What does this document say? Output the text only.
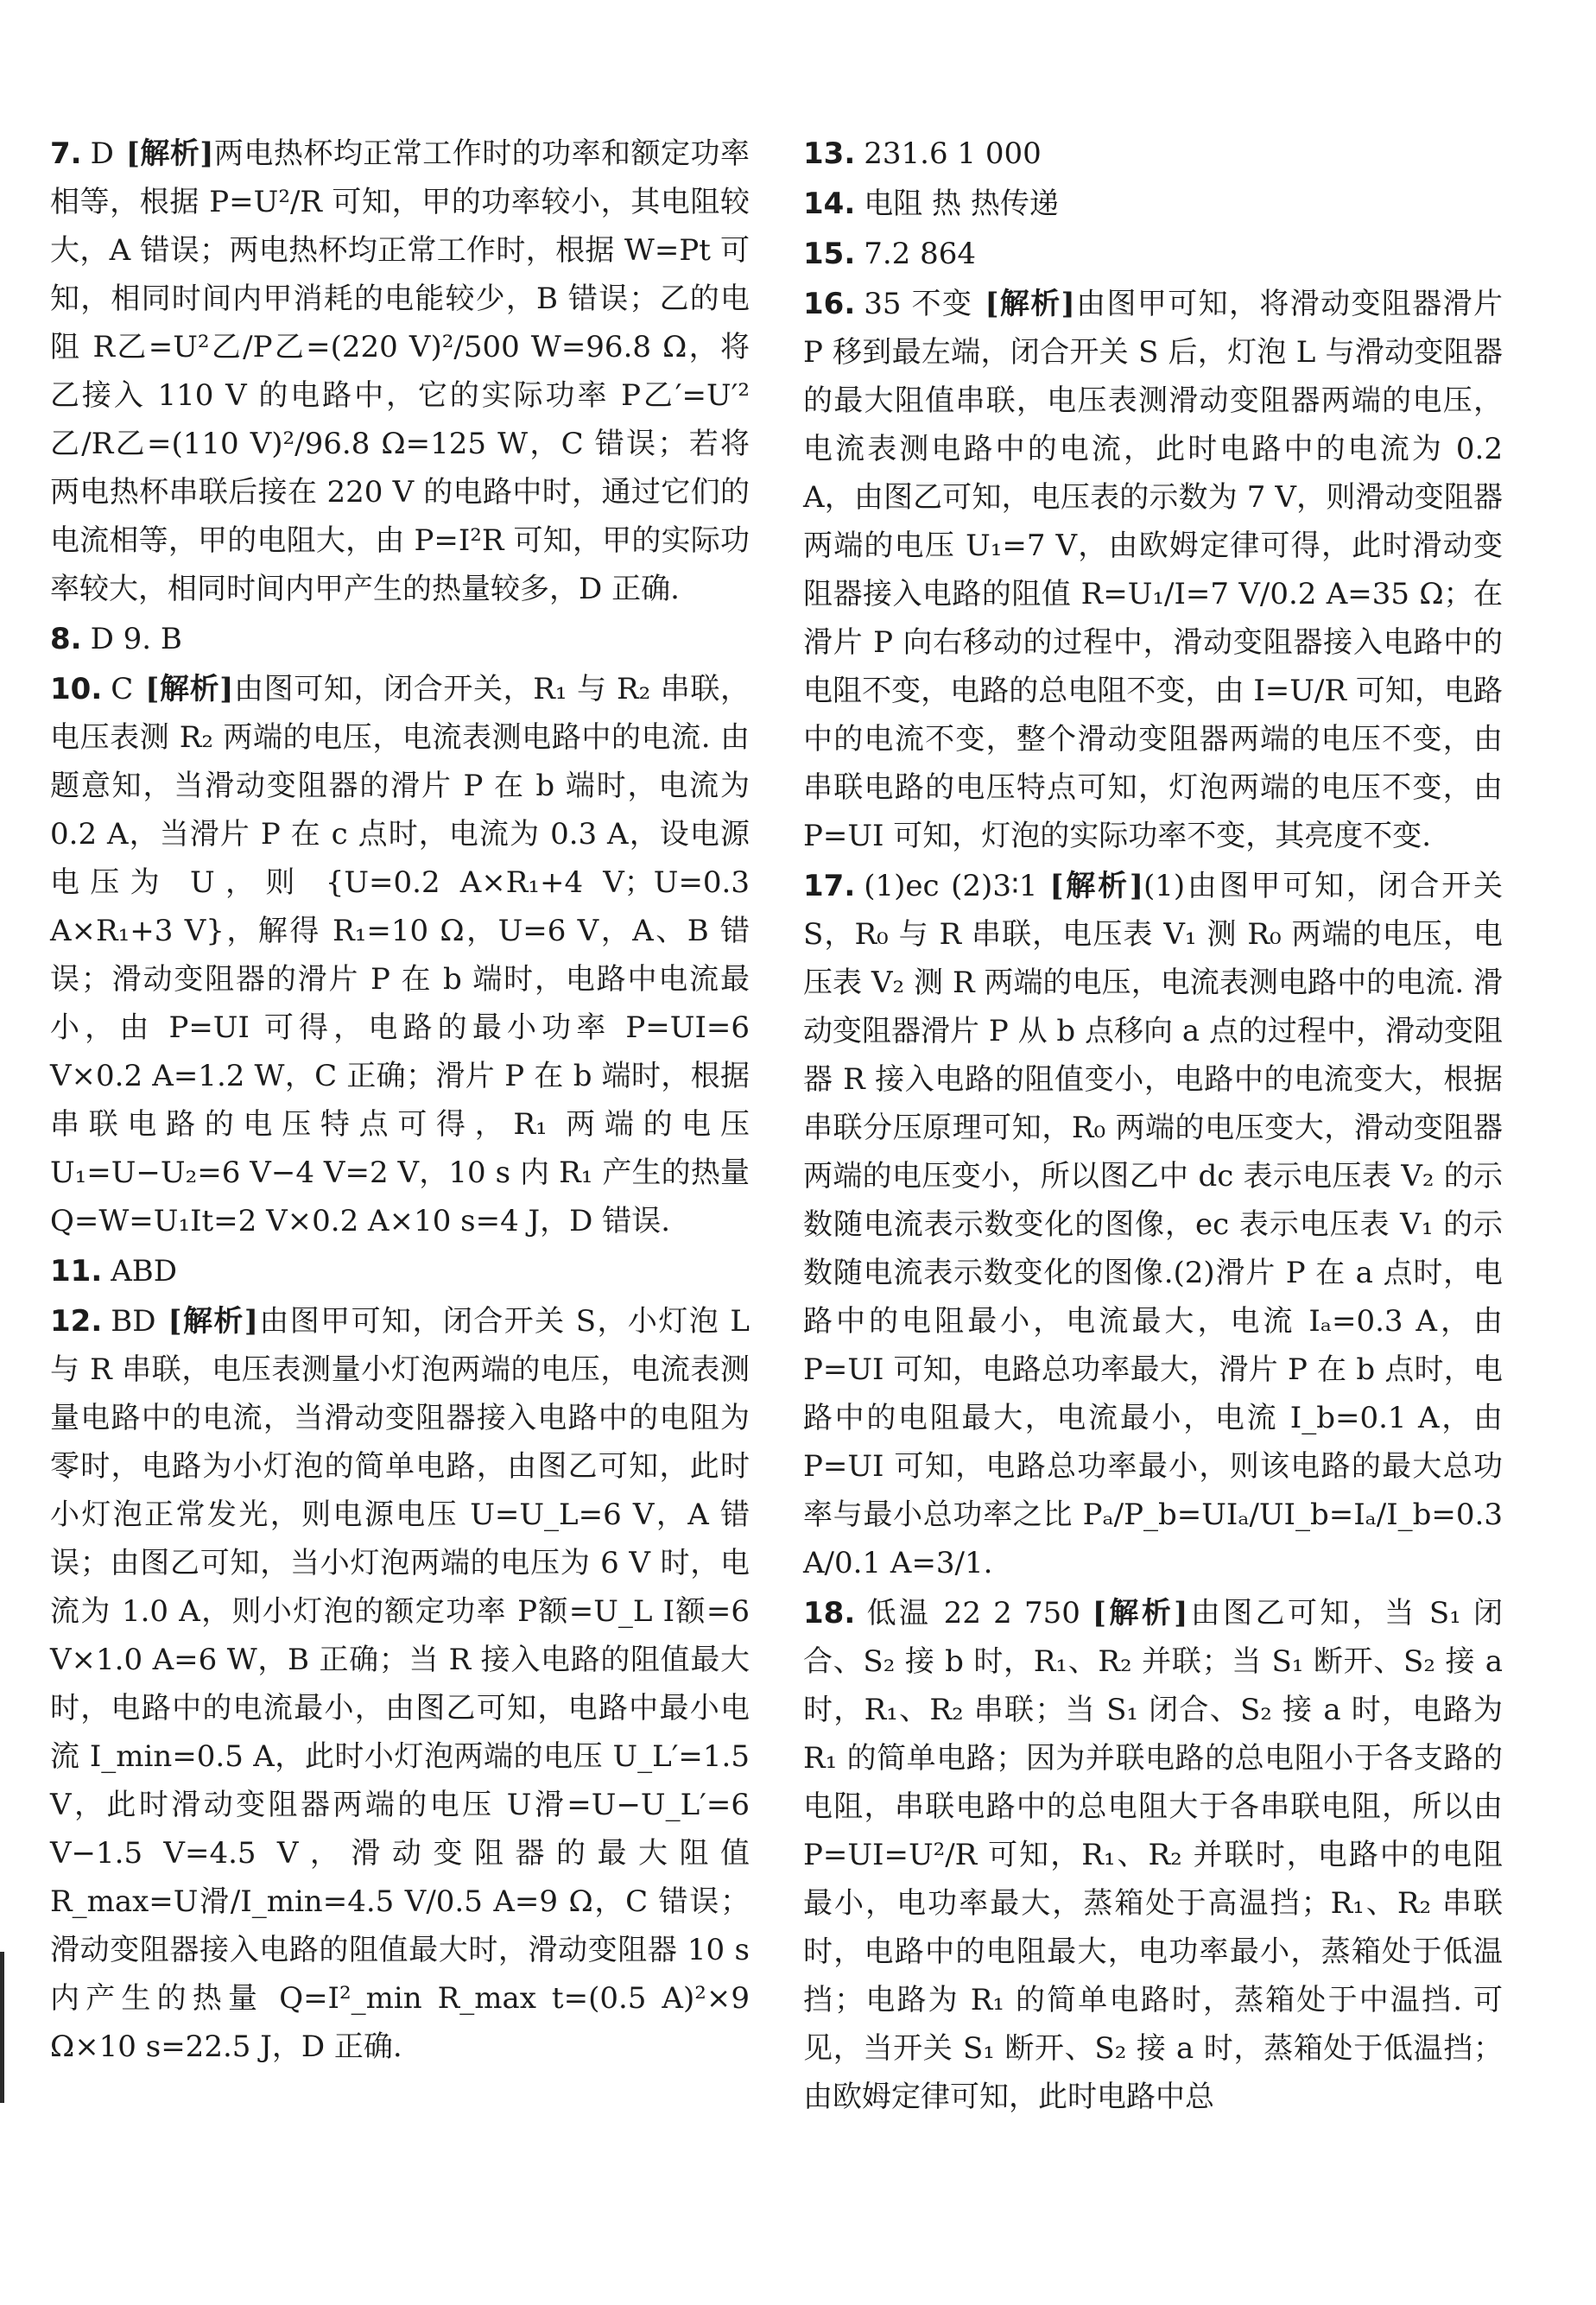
7. D [解析]两电热杯均正常工作时的功率和额定功率相等，根据 P=U²/R 可知，甲的功率较小，其电阻较大，A 错误；两电热杯均正常工作时，根据 W=Pt 可知，相同时间内甲消耗的电能较少，B 错误；乙的电阻 R乙=U²乙/P乙=(220 V)²/500 W=96.8 Ω，将乙接入 110 V 的电路中，它的实际功率 P乙′=U′²乙/R乙=(110 V)²/96.8 Ω=125 W，C 错误；若将两电热杯串联后接在 220 V 的电路中时，通过它们的电流相等，甲的电阻大，由 P=I²R 可知，甲的实际功率较大，相同时间内甲产生的热量较多，D 正确.
8. D 9. B
10. C [解析]由图可知，闭合开关，R₁ 与 R₂ 串联，电压表测 R₂ 两端的电压，电流表测电路中的电流. 由题意知，当滑动变阻器的滑片 P 在 b 端时，电流为 0.2 A，当滑片 P 在 c 点时，电流为 0.3 A，设电源电压为 U，则 {U=0.2 A×R₁+4 V；U=0.3 A×R₁+3 V}，解得 R₁=10 Ω，U=6 V，A、B 错误；滑动变阻器的滑片 P 在 b 端时，电路中电流最小，由 P=UI 可得，电路的最小功率 P=UI=6 V×0.2 A=1.2 W，C 正确；滑片 P 在 b 端时，根据串联电路的电压特点可得，R₁ 两端的电压 U₁=U−U₂=6 V−4 V=2 V，10 s 内 R₁ 产生的热量 Q=W=U₁It=2 V×0.2 A×10 s=4 J，D 错误.
11. ABD
12. BD [解析]由图甲可知，闭合开关 S，小灯泡 L 与 R 串联，电压表测量小灯泡两端的电压，电流表测量电路中的电流，当滑动变阻器接入电路中的电阻为零时，电路为小灯泡的简单电路，由图乙可知，此时小灯泡正常发光，则电源电压 U=U_L=6 V，A 错误；由图乙可知，当小灯泡两端的电压为 6 V 时，电流为 1.0 A，则小灯泡的额定功率 P额=U_L I额=6 V×1.0 A=6 W，B 正确；当 R 接入电路的阻值最大时，电路中的电流最小，由图乙可知，电路中最小电流 I_min=0.5 A，此时小灯泡两端的电压 U_L′=1.5 V，此时滑动变阻器两端的电压 U滑=U−U_L′=6 V−1.5 V=4.5 V，滑动变阻器的最大阻值 R_max=U滑/I_min=4.5 V/0.5 A=9 Ω，C 错误；滑动变阻器接入电路的阻值最大时，滑动变阻器 10 s 内产生的热量 Q=I²_min R_max t=(0.5 A)²×9 Ω×10 s=22.5 J，D 正确.
13. 231.6 1 000
14. 电阻 热 热传递
15. 7.2 864
16. 35 不变 [解析]由图甲可知，将滑动变阻器滑片 P 移到最左端，闭合开关 S 后，灯泡 L 与滑动变阻器的最大阻值串联，电压表测滑动变阻器两端的电压，电流表测电路中的电流，此时电路中的电流为 0.2 A，由图乙可知，电压表的示数为 7 V，则滑动变阻器两端的电压 U₁=7 V，由欧姆定律可得，此时滑动变阻器接入电路的阻值 R=U₁/I=7 V/0.2 A=35 Ω；在滑片 P 向右移动的过程中，滑动变阻器接入电路中的电阻不变，电路的总电阻不变，由 I=U/R 可知，电路中的电流不变，整个滑动变阻器两端的电压不变，由串联电路的电压特点可知，灯泡两端的电压不变，由 P=UI 可知，灯泡的实际功率不变，其亮度不变.
17. (1)ec (2)3∶1 [解析](1)由图甲可知，闭合开关 S，R₀ 与 R 串联，电压表 V₁ 测 R₀ 两端的电压，电压表 V₂ 测 R 两端的电压，电流表测电路中的电流. 滑动变阻器滑片 P 从 b 点移向 a 点的过程中，滑动变阻器 R 接入电路的阻值变小，电路中的电流变大，根据串联分压原理可知，R₀ 两端的电压变大，滑动变阻器两端的电压变小，所以图乙中 dc 表示电压表 V₂ 的示数随电流表示数变化的图像，ec 表示电压表 V₁ 的示数随电流表示数变化的图像.(2)滑片 P 在 a 点时，电路中的电阻最小，电流最大，电流 Iₐ=0.3 A，由 P=UI 可知，电路总功率最大，滑片 P 在 b 点时，电路中的电阻最大，电流最小，电流 I_b=0.1 A，由 P=UI 可知，电路总功率最小，则该电路的最大总功率与最小总功率之比 Pₐ/P_b=UIₐ/UI_b=Iₐ/I_b=0.3 A/0.1 A=3/1.
18. 低温 22 2 750 [解析]由图乙可知，当 S₁ 闭合、S₂ 接 b 时，R₁、R₂ 并联；当 S₁ 断开、S₂ 接 a 时，R₁、R₂ 串联；当 S₁ 闭合、S₂ 接 a 时，电路为 R₁ 的简单电路；因为并联电路的总电阻小于各支路的电阻，串联电路中的总电阻大于各串联电阻，所以由 P=UI=U²/R 可知，R₁、R₂ 并联时，电路中的电阻最小，电功率最大，蒸箱处于高温挡；R₁、R₂ 串联时，电路中的电阻最大，电功率最小，蒸箱处于低温挡；电路为 R₁ 的简单电路时，蒸箱处于中温挡. 可见，当开关 S₁ 断开、S₂ 接 a 时，蒸箱处于低温挡；由欧姆定律可知，此时电路中总
